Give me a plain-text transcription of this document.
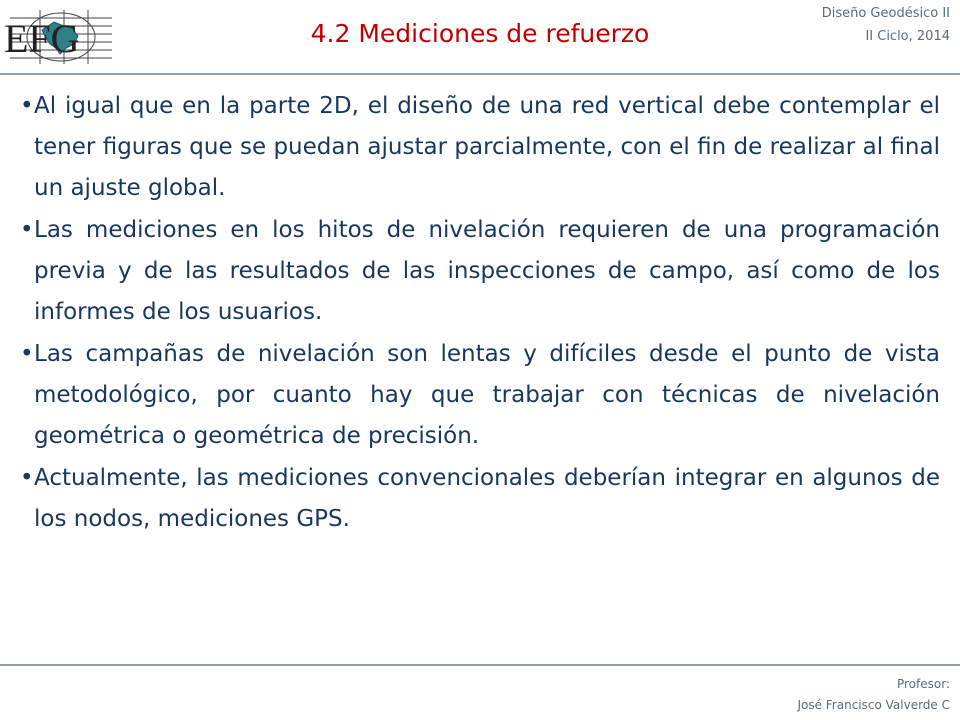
EFG	4.2 Mediciones de refuerzo
Diseño Geodésico II
II Ciclo, 2014
• Al igual que en la parte 2D, el diseño de una red vertical debe contemplar el tener figuras que se puedan ajustar parcialmente, con el fin de realizar al final un ajuste global.
• Las mediciones en los hitos de nivelación requieren de una programación previa y de las resultados de las inspecciones de campo, así como de los informes de los usuarios.
• Las campañas de nivelación son lentas y difíciles desde el punto de vista metodológico, por cuanto hay que trabajar con técnicas de nivelación geométrica o geométrica de precisión.
• Actualmente, las mediciones convencionales deberían integrar en algunos de los nodos, mediciones GPS.
Profesor:
José Francisco Valverde C
